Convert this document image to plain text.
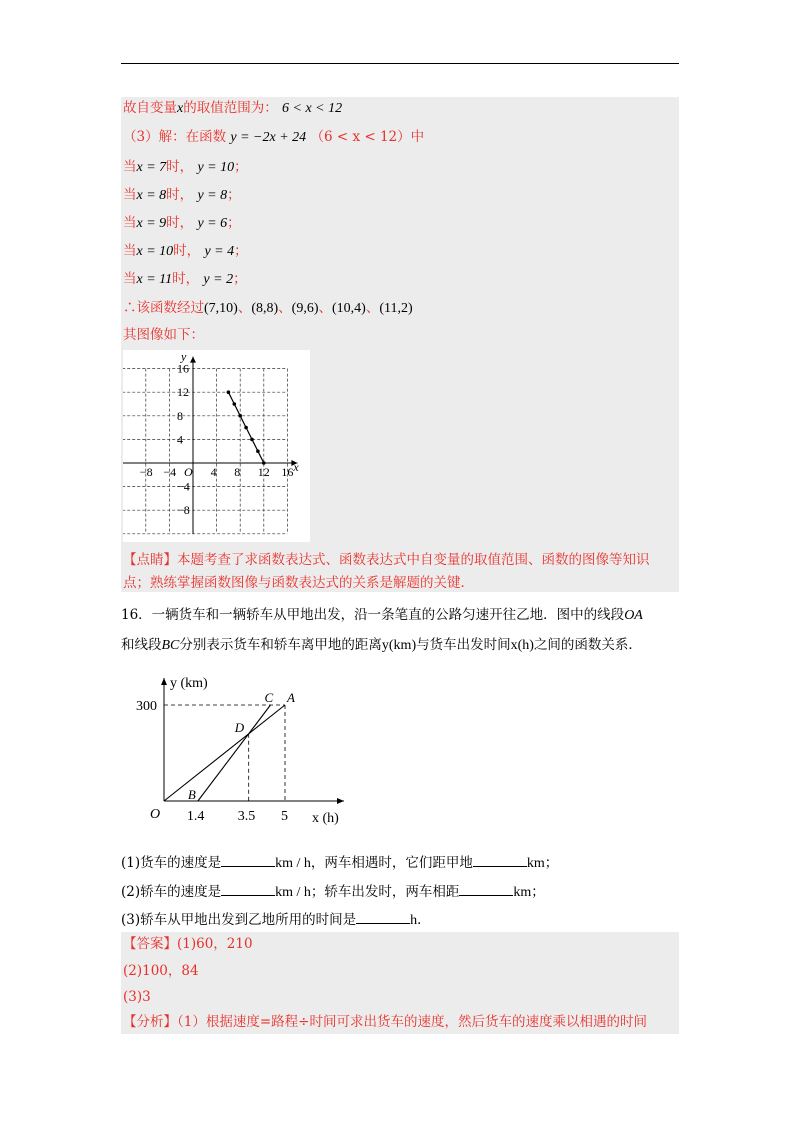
故自变量x的取值范围为： 6 < x < 12
（3）解：在函数 y = −2x + 24 （6 < x < 12）中
当x = 7时， y = 10；
当x = 8时， y = 8；
当x = 9时， y = 6；
当x = 10时， y = 4；
当x = 11时， y = 2；
∴该函数经过(7,10)、(8,8)、(9,6)、(10,4)、(11,2)
其图像如下：
−8 −4 O 4 8 12 16 x
16
12
8
4
−4
−8
y
【点睛】本题考查了求函数表达式、函数表达式中自变量的取值范围、函数的图像等知识
点；熟练掌握函数图像与函数表达式的关系是解题的关键．
16．一辆货车和一辆轿车从甲地出发，沿一条笔直的公路匀速开往乙地．图中的线段OA
和线段BC分别表示货车和轿车离甲地的距离y(km)与货车出发时间x(h)之间的函数关系．
y (km)
x (h)
300
1.4 3.5 5
O
A
B
C
D
(1)货车的速度是	km / h，两车相遇时，它们距甲地	km；
(2)轿车的速度是	km / h；轿车出发时，两车相距	km；
(3)轿车从甲地出发到乙地所用的时间是	h．
【答案】(1)60，210
(2)100，84
(3)3
【分析】（1）根据速度=路程÷时间可求出货车的速度，然后货车的速度乘以相遇的时间
